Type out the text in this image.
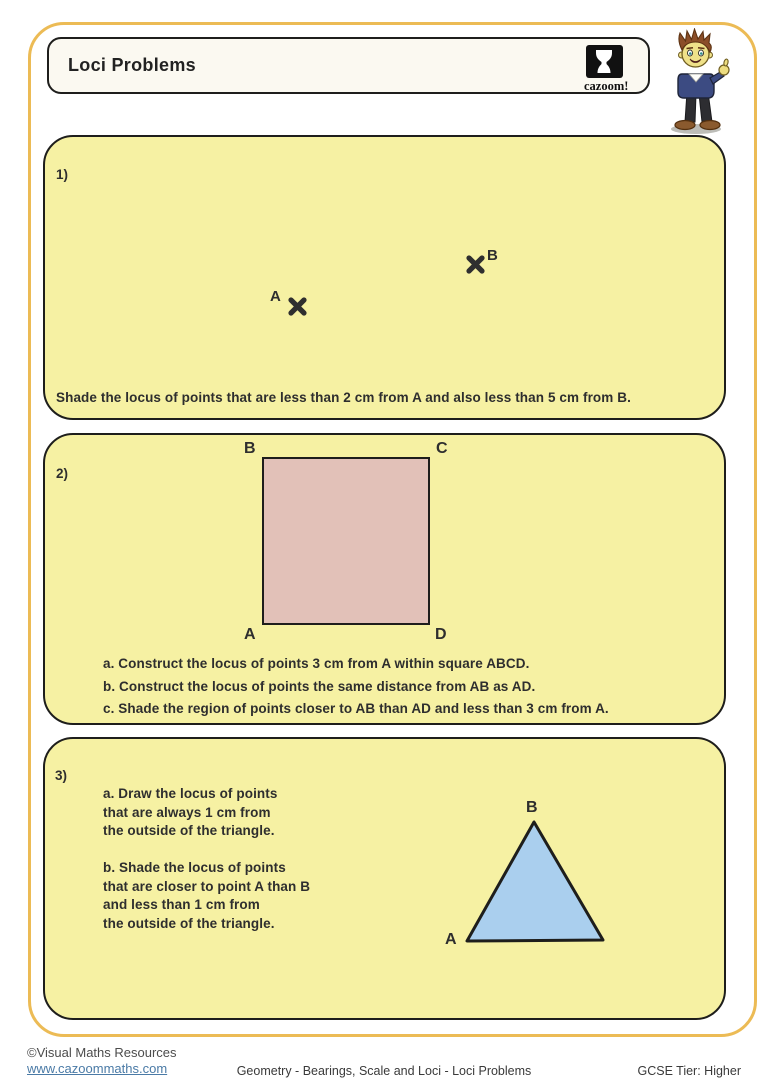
Loci Problems
cazoom!
1)
A
B
Shade the locus of points that are less than 2 cm from A and also less than 5 cm from B.
2)
B	C
A	D
a. Construct the locus of points 3 cm from A within square ABCD.
b. Construct the locus of points the same distance from AB as AD.
c. Shade the region of points closer to AB than AD and less than 3 cm from A.
3)
a. Draw the locus of points
that are always 1 cm from
the outside of the triangle.
b. Shade the locus of points
that are closer to point A than B
and less than 1 cm from
the outside of the triangle.
B
A
©Visual Maths Resources
www.cazoommaths.com	Geometry - Bearings, Scale and Loci - Loci Problems	GCSE Tier: Higher
